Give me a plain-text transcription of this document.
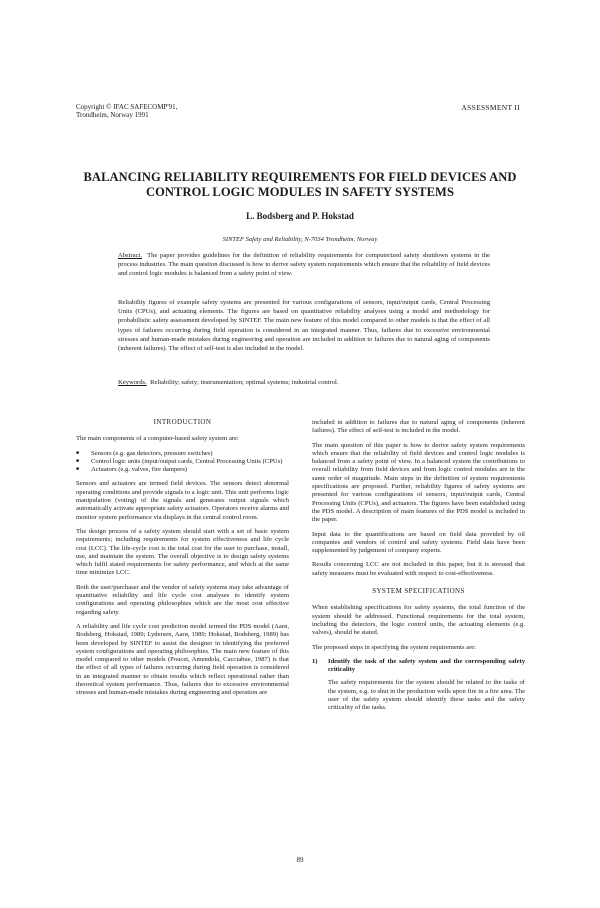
Copyright © IFAC SAFECOMP'91,
Trondheim, Norway 1991
ASSESSMENT II
BALANCING RELIABILITY REQUIREMENTS FOR FIELD DEVICES AND
CONTROL LOGIC MODULES IN SAFETY SYSTEMS
L. Bodsberg and P. Hokstad
SINTEF Safety and Reliability, N-7034 Trondheim, Norway

Abstract. The paper provides guidelines for the definition of reliability requirements for computerized safety shutdown systems in the process industries. The main question discussed is how to derive safety system requirements which ensure that the reliability of field devices and control logic modules is balanced from a safety point of view.

Reliability figures of example safety systems are presented for various configurations of sensors, input/output cards, Central Processing Units (CPUs), and actuating elements. The figures are based on quantitative reliability analyses using a model and methodology for probabilistic safety assessment developed by SINTEF. The main new feature of this model compared to other models is that the effect of all types of failures occurring during field operation is considered in an integrated manner. Thus, failures due to excessive environmental stresses and human-made mistakes during engineering and operation are included in addition to failures due to natural aging of components (inherent failures). The effect of self-test is also included in the model.

Keywords. Reliability; safety; instrumentation; optimal systems; industrial control.

INTRODUCTION

The main components of a computer-based safety system are:

■ Sensors (e.g. gas detectors, pressure switches)
■ Control logic units (input/output cards, Central Processing Units (CPUs)
■ Actuators (e.g. valves, fire dampers)

Sensors and actuators are termed field devices. The sensors detect abnormal operating conditions and provide signals to a logic unit. This unit performs logic manipulation (voting) of the signals and generates output signals which automatically activate appropriate safety actuators. Operators receive alarms and monitor system performance via displays in the central control room.

The design process of a safety system should start with a set of basic system requirements; including requirements for system effectiveness and life cycle cost (LCC). The life-cycle cost is the total cost for the user to purchase, install, use, and maintain the system. The overall objective is to design safety systems which fulfil stated requirements for safety performance, and which at the same time minimize LCC.

Both the user/purchaser and the vendor of safety systems may take advantage of quantitative reliability and life cycle cost analyses to identify system configurations and operating philosophies which are the most cost effective regarding safety.

A reliability and life cycle cost prediction model termed the PDS model (Aarø, Bodsberg, Hokstad, 1989; Lydersen, Aarø, 1989; Hokstad, Bodsberg, 1989) has been developed by SINTEF to assist the designer in identifying the preferred system configurations and operating philosophies. The main new feature of this model compared to other models (Poucet, Amendola, Cacciabue, 1987) is that the effect of all types of failures occurring during field operation is considered in an integrated manner to obtain results which reflect operational rather than theoretical system performance. Thus, failures due to excessive environmental stresses and human-made mistakes during engineering and operation are

included in addition to failures due to natural aging of components (inherent failures). The effect of self-test is included in the model.

The main question of this paper is how to derive safety system requirements which ensure that the reliability of field devices and control logic modules is balanced from a safety point of view. In a balanced system the contributions to overall reliability from field devices and from logic control modules are in the same order of magnitude. Main steps in the definition of system requirements specifications are proposed. Further, reliability figures of safety systems are presented for various configurations of sensors, input/output cards, Central Processing Units (CPUs), and actuators. The figures have been established using the PDS model. A description of main features of the PDS model is included in the paper.

Input data to the quantifications are based on field data provided by oil companies and vendors of control and safety systems. Field data have been supplemented by judgement of company experts.

Results concerning LCC are not included in this paper, but it is stressed that safety measures must be evaluated with respect to cost-effectiveness.

SYSTEM SPECIFICATIONS

When establishing specifications for safety systems, the total function of the system should be addressed. Functional requirements for the total system, including the detectors, the logic control units, the actuating elements (e.g. valves), should be stated.

The proposed steps in specifying the system requirements are:

1)	Identify the task of the safety system and the corresponding safety criticality

The safety requirements for the system should be related to the tasks of the system, e.g. to shut in the production wells upon fire in a fire area. The user of the safety system should identify these tasks and the safety criticality of the tasks.

89
